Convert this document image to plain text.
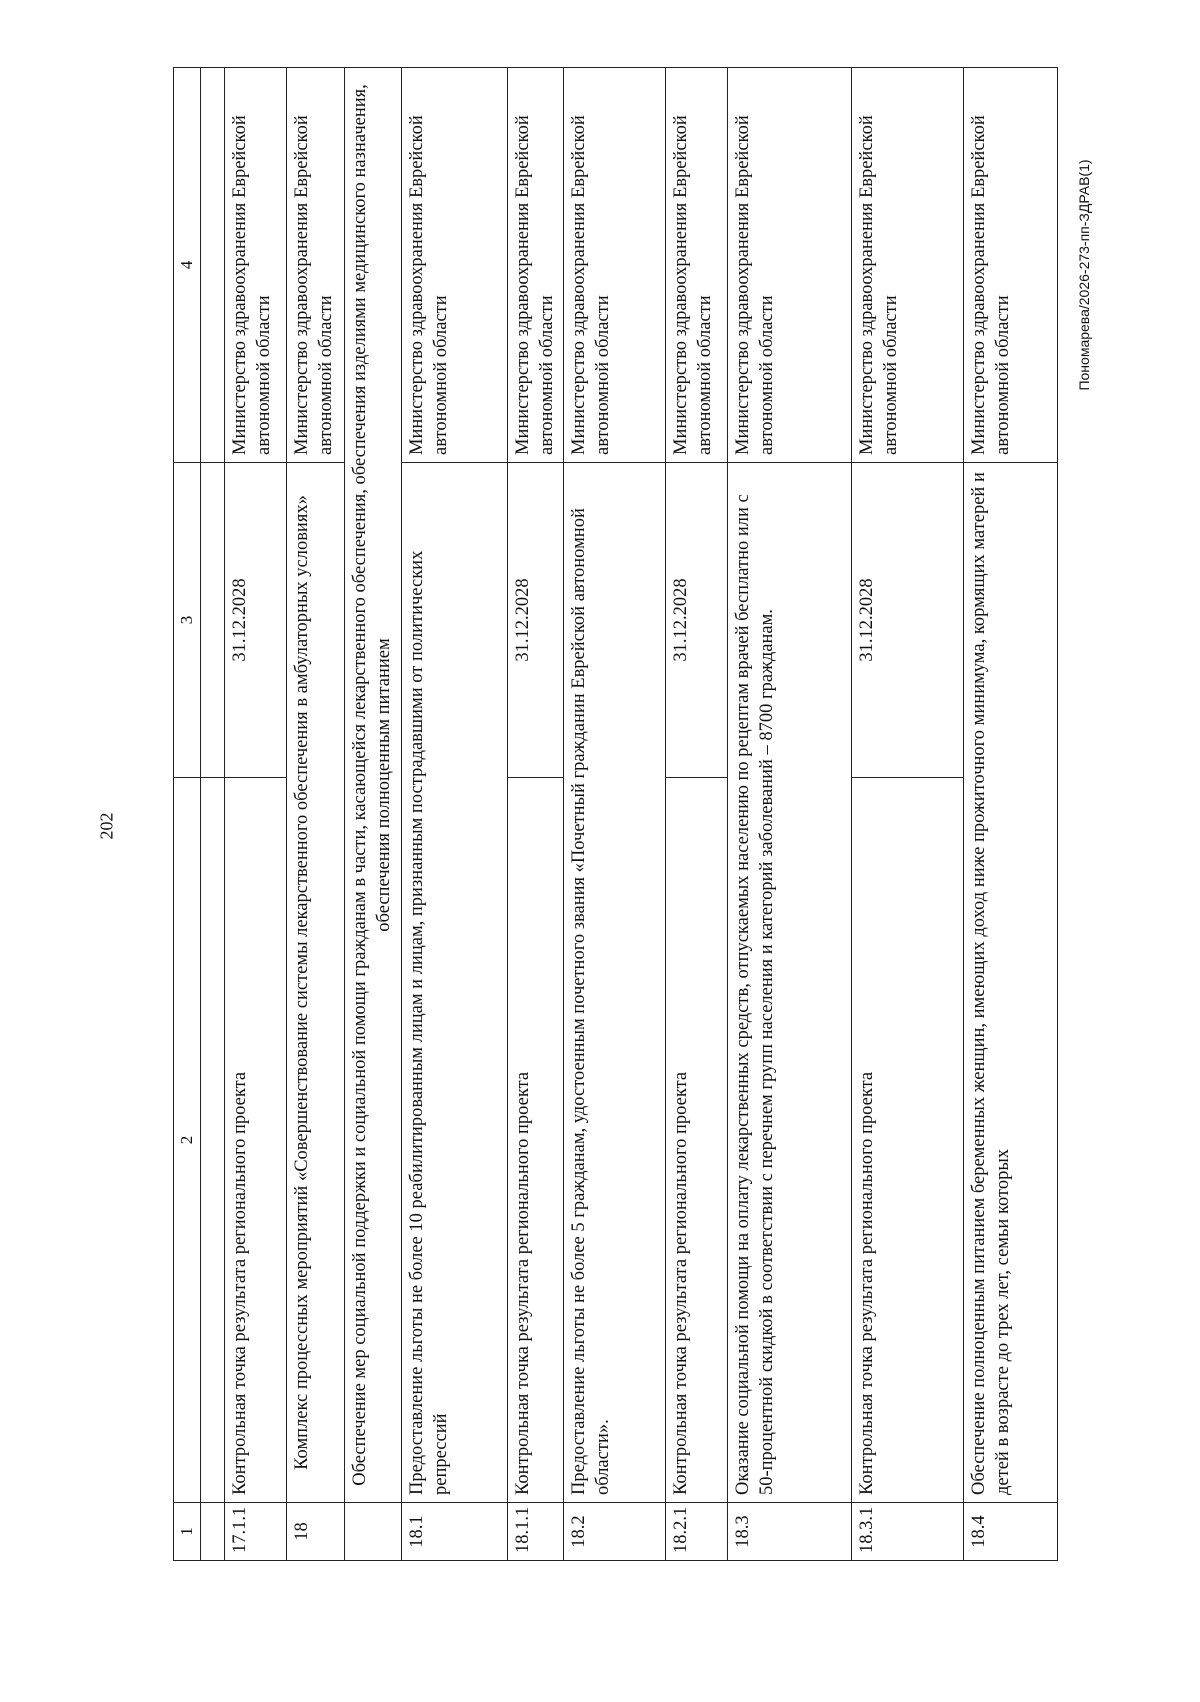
202
Пономарева/2026-273-пп-ЗДРАВ(1)
1	2	3	4

17.1.1	Контрольная точка результата регионального проекта	31.12.2028	Министерство здравоохранения Еврейской автономной области
18	Комплекс процессных мероприятий «Совершенствование системы лекарственного обеспечения в амбулаторных условиях»		Министерство здравоохранения Еврейской автономной области
	Обеспечение мер социальной поддержки и социальной помощи гражданам в части, касающейся лекарственного обеспечения, обеспечения изделиями медицинского назначения, обеспечения полноценным питанием		
18.1	Предоставление льготы не более 10 реабилитированным лицам и лицам, признанным пострадавшими от политических репрессий		Министерство здравоохранения Еврейской автономной области
18.1.1	Контрольная точка результата регионального проекта	31.12.2028	Министерство здравоохранения Еврейской автономной области
18.2	Предоставление льготы не более 5 гражданам, удостоенным почетного звания «Почетный гражданин Еврейской автономной области».		Министерство здравоохранения Еврейской автономной области
18.2.1	Контрольная точка результата регионального проекта	31.12.2028	Министерство здравоохранения Еврейской автономной области
18.3	Оказание социальной помощи на оплату лекарственных средств, отпускаемых населению по рецептам врачей бесплатно или с 50-процентной скидкой в соответствии с перечнем групп населения и категорий заболеваний – 8700 гражданам.		Министерство здравоохранения Еврейской автономной области
18.3.1	Контрольная точка результата регионального проекта	31.12.2028	Министерство здравоохранения Еврейской автономной области
18.4	Обеспечение полноценным питанием беременных женщин, имеющих доход ниже прожиточного минимума, кормящих матерей и детей в возрасте до трех лет, семьи которых		Министерство здравоохранения Еврейской автономной области
